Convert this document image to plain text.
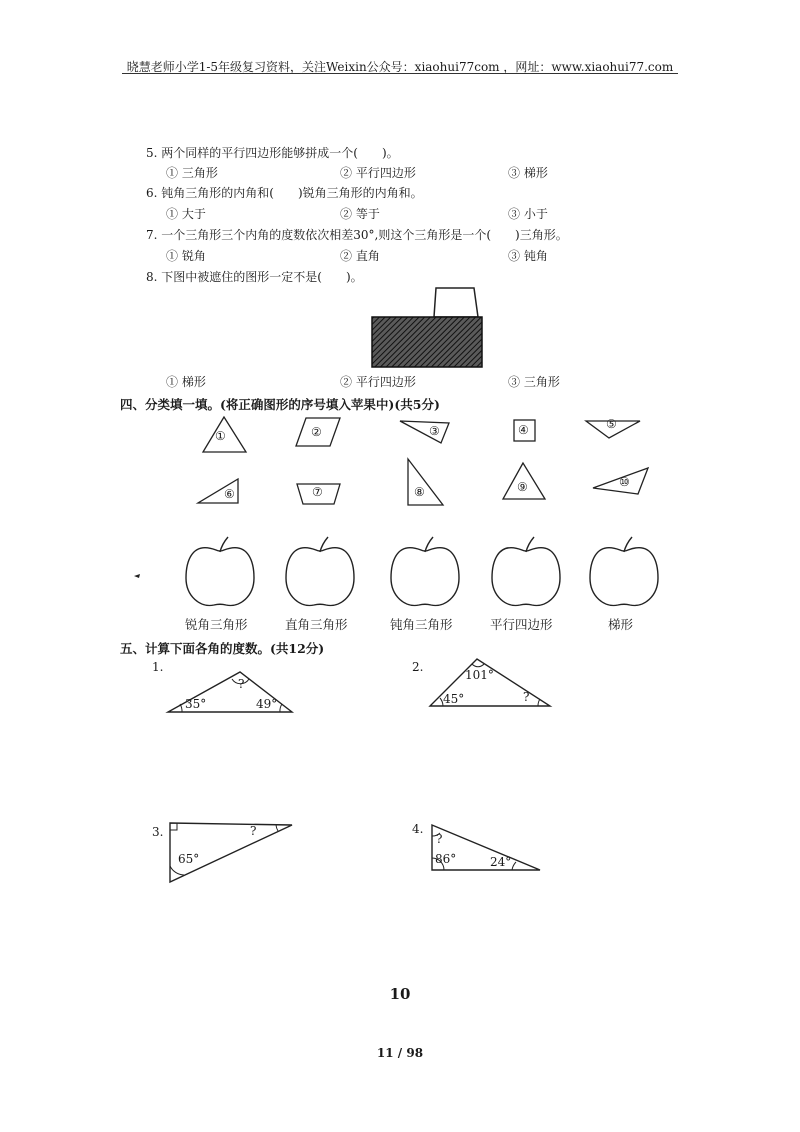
晓慧老师小学1-5年级复习资料，关注Weixin公众号：xiaohui77com ，网址：www.xiaohui77.com
5. 两个同样的平行四边形能够拼成一个(　　)。
① 三角形	② 平行四边形	③ 梯形
6. 钝角三角形的内角和(　　)锐角三角形的内角和。
① 大于	② 等于	③ 小于
7. 一个三角形三个内角的度数依次相差30°,则这个三角形是一个(　　)三角形。
① 锐角	② 直角	③ 钝角
8. 下图中被遮住的图形一定不是(　　)。
① 梯形	② 平行四边形	③ 三角形
四、分类填一填。(将正确图形的序号填入苹果中)(共5分)
①	②	③	④	⑤
⑥	⑦	⑧	⑨	⑩
锐角三角形	直角三角形	钝角三角形	平行四边形	梯形
五、计算下面各角的度数。(共12分)
1.
35°	49°
?
2.
101°
45°	?
3.
65°
?	4.
?
86°	24°
10
11 / 98
